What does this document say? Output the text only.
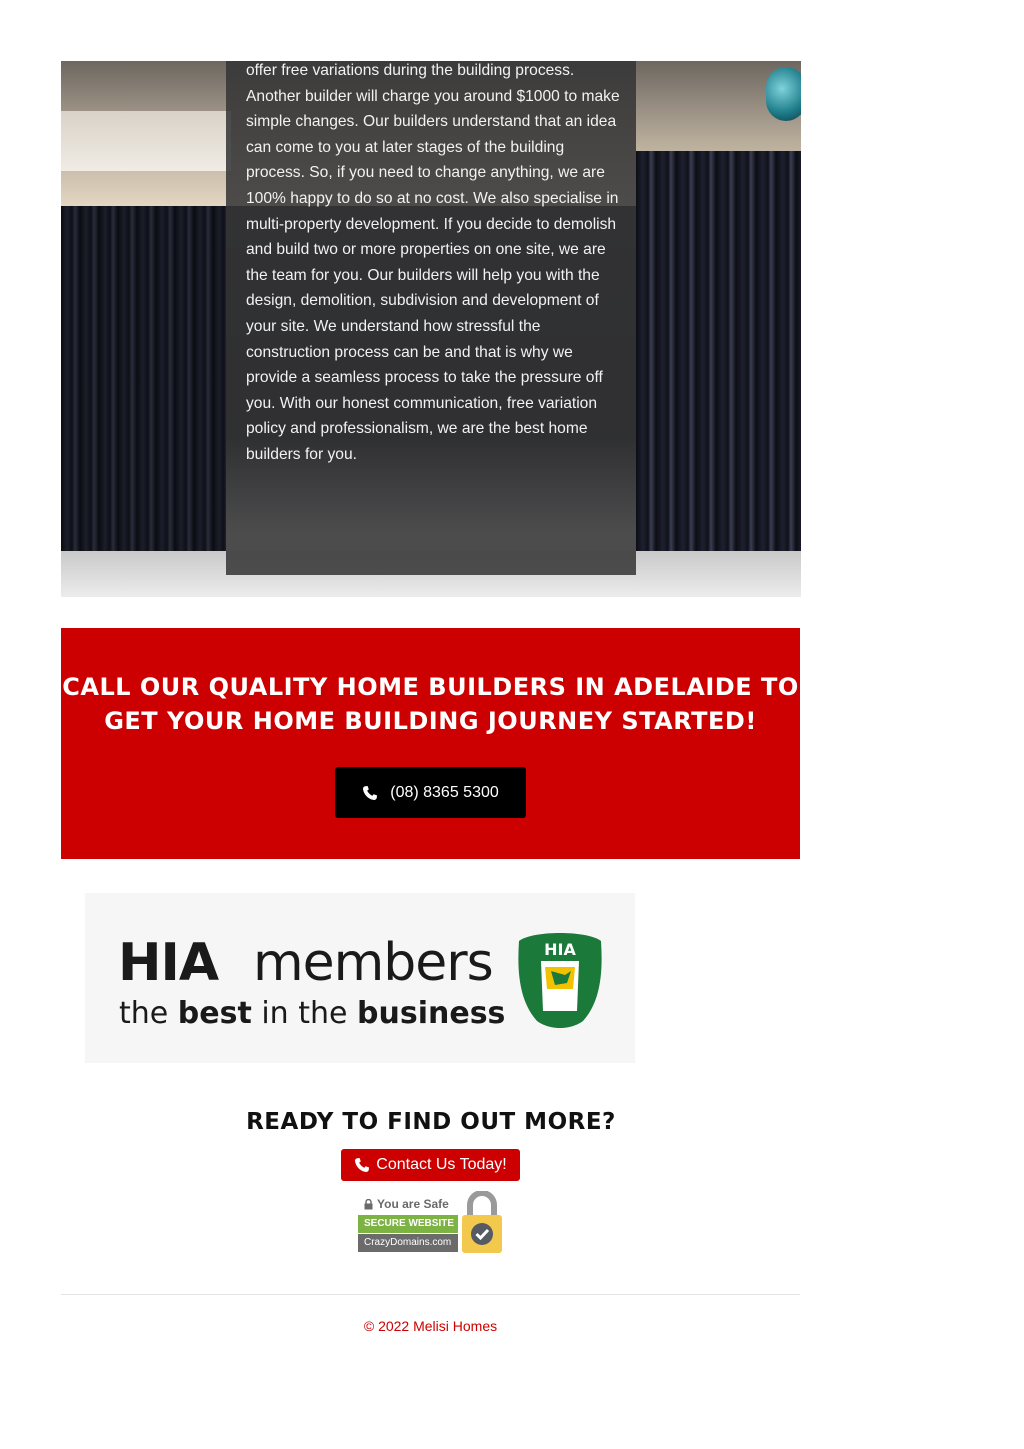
offer free variations during the building process. Another builder will charge you around $1000 to make simple changes. Our builders understand that an idea can come to you at later stages of the building process. So, if you need to change anything, we are 100% happy to do so at no cost. We also specialise in multi-property development. If you decide to demolish and build two or more properties on one site, we are the team for you. Our builders will help you with the design, demolition, subdivision and development of your site. We understand how stressful the construction process can be and that is why we provide a seamless process to take the pressure off you. With our honest communication, free variation policy and professionalism, we are the best home builders for you.

CALL OUR QUALITY HOME BUILDERS IN ADELAIDE TO GET YOUR HOME BUILDING JOURNEY STARTED!
(08) 8365 5300
HIA members
the best in the business
HIA
READY TO FIND OUT MORE?
Contact Us Today!
You are Safe
SECURE WEBSITE
CrazyDomains.com

© 2022 Melisi Homes
